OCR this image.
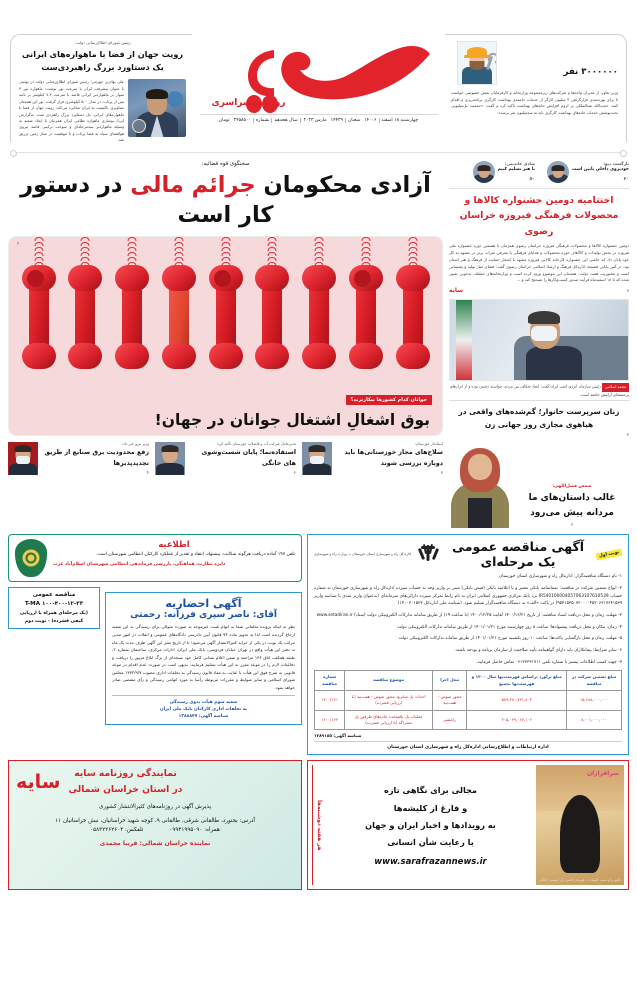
رئیس شورای اطلاع‌رسانی دولت:
رویت جهان از فضا با ماهواره‌های ایرانی یک دستاورد بزرگ راهبردی‌ست

علی بهادری جهرمی؛ رئیس شورای اطلاع‌رسانی دولت در توئیتی با عنوان پیشرفت ایران با سرعت نور نوشت: ماهواره نور ۳ سوار بر ماهواره‌بر ایرانی قاصد با سرعت ۷.۴ کیلومتر بر ثانیه پس از پرتاب، در مدار ۵۰۰ کیلومتری قرار گرفت. نور این همچنان تصاویری باکیفیت به ایران مخابره می‌کند. رویت جهان از فضا با ماهواره‌های ایرانی، یک دستاورد بزرگ راهبردی ست. به‌گزارش ایرنا، نوسازی ماهواره نظامی ایران همزمان با ایجاد ضعیه به وسیله ماهواره‌بر سه‌مرحله‌ای و سوخت ترکیبی قاصد نیروی هوافضای سپاه به فضا پرتاب و با موفقیت در مدار زمین تزریق شد.

روزنامه‌سراسری
چهارشنبه ۱۸ اسفند ۱۴۰۰۶ شعبان ۱۴۴۳۹ مارس ۲۰۲۳سال هجدهمشماره ۲۴۵۸۵۰۰ تومان
۳۰۰۰۰۰۰ نفر

وزیر تعاون از مدیران واحدها و شرکت‌های زیرمجموعه وزارتخانه و کارفرمایان بخش خصوصی خواست تا برای بهره‌مندی قرارگرفتن ۳ میلیون کارگر از خدمات جامعه‌ی بهداشت کارگری برنامه‌ریزی و اقدام کنند. حجت‌الله عبدالملکی بر لزوم افزایش خانه‌های بهداشت تأکید کرد و گفت: «جمعیت یک‌میلیونی تحت‌پوشش خدمات خانه‌های بهداشت کارگری باید به سه‌میلیون نفر برسد».

بازگشت دیو:
خودپروی داخلی پایین است
۴۰
شادی عابدینی:
با هنر تسلیم کنیم
۵۰
اختتامیه دومین جشنواره کالاها و محصولات فرهنگی فیروزه خراسان رضوی

دومین جشنواره کالاها و محصولات فرهنگی فیروزه خراسان رضوی همزمان با هفتمین دوره جشنواره ملی فیروزه در بخش تولیدات و کالاهای خوزه محصولات و هدایای فرهنگی با معرفی نفرات برتر در مشهد به کار خود پایان داد که حاشی این جشنواره کارخانه کالایی فیروزه مشهد با اشعار حمایت از فرهنگ و هنر استان بود. در آئین پایانی فضیحه اداره‌کل فرهنگ و ارشاد اسلامی خراسان رضوی گفت: فضای ساز تولید و پشتیبانی است و محبوریت همت دولت، همه‌مان این موضوع ورود کرده است و وزارتخانه‌های مختلف به‌خوبی تعیین شده که تا ۱۸ اسفندماه فرآیند صدور کسب‌وکارها را تصحیح کند و ...

۷
سایه
محمد اسلامی رئیس سازمان انرژی اتمی ایران گفت: ایجاد شکاف بین مردم، خواسته دشمن بوده و از ابزارهای برجسته‌ای آرامش جامعه است.
زنان سرپرست خانوار؛ گم‌شده‌های واقعی در هیاهوی مجازی روز جهانی زن
۳
شمس فضل‌اللهی:
غالب داستان‌های ما مردانه پیش می‌رود
۳
سخنگوی قوه قضائیه:
آزادی محکومان جرائم مالی در دستور کار است
۴
جوانان کدام کشورها بیکارترند؟
بوق اشغالِ اشتغال جوانان در جهان!
استاندار خوزستان:
سلاح‌های مجاز خوزستانی‌ها باید دوباره بررسی شوند
۷
مدیرعامل شرکت آب و فاضلاب خوزستان تأکید کرد:
استفاده‌نما؛ پایان شست‌وشوی‌ های خانگی
۶
وزیر نیرو خبر داد:
رفع محدودیت برق صنایع از طریق تجدیدپذیرها
۴
نوبت اول
آگهی مناقصه عمومی یک مرحله‌ای
اداره کل راه و شهرسازی استان خوزستان — وزارت راه و شهرسازی
۱- نام دستگاه مناقصه‌گزار: اداره‌کل راه و شهرسازی استان خوزستان
۲- انواع تضمین شرکت در مناقصه: ضمانتنامه بانکی معتبر و یا اعلامیه بانکی (فیش بانکی) مبنی بر واریز وجه به حساب سپرده اداره‌کل راه و شهرسازی خوزستان به شماره حساب IR540100004057063107610539 نزد بانک مرکزی جمهوری اسلامی ایران به نام رابط تمرکز سپرده دارائی‌های سرمایه‌ای (به‌عنوان واریز نقدی با شناسه واریز ۹۵۴۱۵۳۵۰۷۲۰۰۰۰۴۵۲۰۶۳۱۷۶۴۱۵۳۹) در پاکت «الف» به دستگاه مناقصه‌گزار تسلیم شود. (شناسه ملی اداره‌کل ۱۴۰۰۳۰۱۵۳۳)
۳- مهلت، زمان و محل دریافت اسناد مناقصه: از تاریخ ۱۴۰۰/۱۲/۲۱ لغایت ۱۴۰۰/۱۲/۲۵ (تا ساعت ۱۹) از طریق سامانه تدارکات الکترونیکی دولت (ستاد) www.setadiran.ir
۴- زمان، مکان و محل دریافت پیشنهادها: ساعت ۸ روز چهارشنبه مورخ ۱۴۰۱/۰۱/۲۱ از طریق سامانه تدارکات الکترونیکی دولت
۵- مهلت، زمان و محل بازگشایی پاکت‌ها: ساعت ۱۰ روز یکشنبه مورخ ۱۴۰۱/۰۱/۲۱ از طریق سامانه تدارکات الکترونیکی دولت
۶- سایر شرایط: پیمانکاران باید دارای گواهینامه تأیید صلاحیت از سازمان برنامه و بودجه باشند.
۷- جهت کسب اطلاعات بیشتر با شماره تلفن ۰۶۱۳۳۳۳۱۷۱۱ تماس حاصل فرمایید.
مبلغ تضمین شرکت در مناقصه	مبلغ برآورد براساس فهرست‌بها سال ۱۴۰۰ و فهرست‌بها تجمیع	محل اجرا	موضوع مناقصه	شماره مناقصه
۱۵,۶۸۸,۰۰۰,۰۰۰	۵۸۹,۳۸۰,۷۲۱,۸۰۳	محور شوش - هفت‌تپه	احداث پل میانرود محور شوش - هفت‌تپه (با ارزیابی فشرده)	۱۴۰۰/۱۲۱
۸,۰۰۱,۰۰۰,۰۰۰	۲۰۵,۰۴۹,۰۶۷,۱۰۶	رامشیر	عملیات پل باقیمانده جاده‌های طرفین پل مشراگه (با ارزیابی فشرده)	۱۴۰۰/۱۲۲
شناسه آگهی: ۱۲۸۹۱۸۵
اداره ارتباطات و اطلاع‌رسانی اداره‌کل راه و شهرسازی استان خوزستان
اطلاعیه
تلفن ۱۹۷ آماده دریافت هرگونه شکایت، پیشنهاد، انتقاد و تقدیر از عملکرد کارکنان انتظامی شهرستان است.
دایره نظارت، هماهنگی، بازرسی فرماندهی انتظامی شهرستان اسلام‌آباد غرب
آگهی احضاریه
آقای: ناصر سپری فرزانه: رحمتی
نظر به اینکه پرونده تخلفاتی شما به اتهام غیبت غیرموجه به صورت متوالی برای رسیدگی به این شعبه ارجاع گردیده است لذا به تجویز ماده ۷۳ قانون آیین دادرسی دادگاه‌های عمومی و انقلاب در امور مدنی مراتب یک نوبت در یکی از جراید کثیرالانتشار آگهی می‌شود؛ تا از تاریخ نشر این آگهی ظرف مدت یک ماه به دفتر این هیأت واقع در تهران خیابان فردوسی، بانک ملی ایران، ادارات مرکزی، ساختمان شماره ۲، طبقه همکف، اتاق ۱۳۶ مراجعه و ضمن اعلام نشانی کامل خود نسخه‌ای از برگ ابلاغ مزبور را دریافت و دفاعیات لازم را در موعد مقرر به این هیأت تسلیم فرمایید. بدیهی است در صورت عدم اقدام در موعد قانونی به شرح فوق این هیأت با عنایت به مفاد قانون رسیدگی به تخلفات اداری مصوب ۱۳۷۲/۹/۷ مجلس شورای اسلامی و سایر ضوابط و مقررات مربوطه رأسا به مورد اتهامی رسیدگی و رأی مقتضی صادر خواهد نمود.
شعبه سوم هیأت بدوی رسیدگی
به تخلفات اداری کارکنان بانک ملی ایران
شناسه آگهی: ۱۲۸۸۸۴۷
مناقصه عمومی
T-MA ۱۰۰-۴۰۰-۱۲-۳۳
(یک مرحله‌ای همراه با ارزیابی کیفی فشرده) - نوبت دوم
سرافرازان
تکاپو برای بست خانواده — قهرمان خانمی زار حسینی زاده‌گی
مجالی برای نگاهی تازه
و فارغ از کلیشه‌ها
به رویدادها و اخبار ایران و جهان
با رعایت شأن انسانی
www.sarafrazannews.ir
هر هفته دوشنبه‌ها
نمایندگی روزنامه سایه
در استان خراسان شمالی
سایه
پذیرش آگهی در روزنامه‌های کثیرالانتشار کشوری
آدرس: بجنورد، طالقانی شرقی، طالقانی ۹، کوچه شهید خراسانیان، نبش خراسانیان ۱۱
همراه: ۰۹۹۴۱۹۹۵۰۹۰
تلفکس: ۰۵۸۳۲۲۶۲۶۰۴
نماینده خراسان شمالی: فریبا محمدی
